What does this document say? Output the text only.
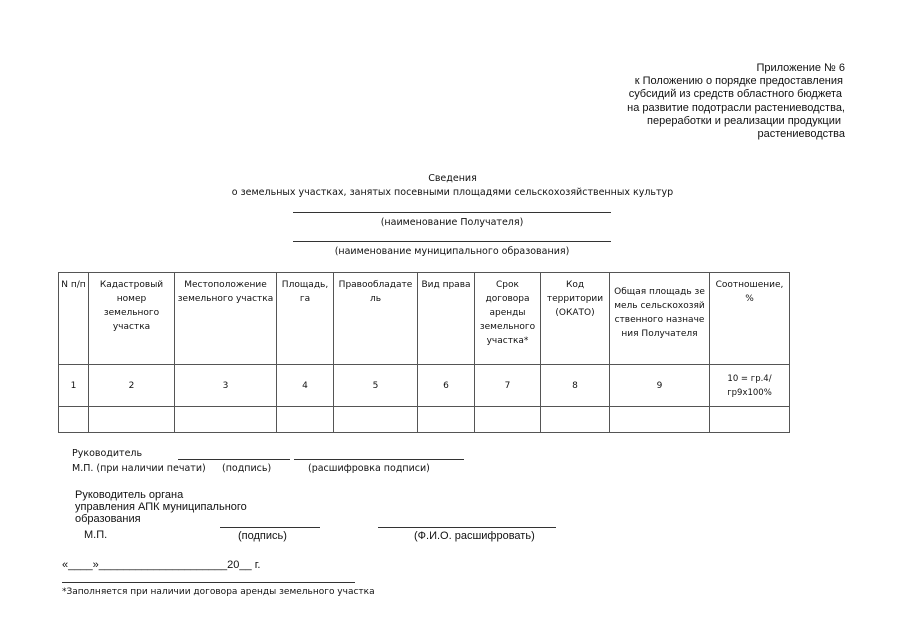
Приложение № 6
к Положению о порядке предоставления
субсидий из средств областного бюджета
на развитие подотрасли растениеводства,
переработки и реализации продукции
растениеводства
Сведения
о земельных участках, занятых посевными площадями сельскохозяйственных культур
(наименование Получателя)
(наименование муниципального образования)
N п/п	Кадастровый номер земельного участка	Местоположение земельного участка	Площадь, га	Правообладатель	Вид права	Срок договора аренды земельного участка*	Код территории (ОКАТО)	Общая площадь земель сельскохозяйственного назначения Получателя	Соотношение, %
1	2	3	4	5	6	7	8	9	10 = гр.4/гр9х100%

Руководитель
М.П. (при наличии печати) (подпись)	(расшифровка подписи)
Руководитель органа
управления АПК муниципального
образования
М.П.	(подпись)	(Ф.И.О. расшифровать)
«____»_____________________20__ г.
*Заполняется при наличии договора аренды земельного участка
